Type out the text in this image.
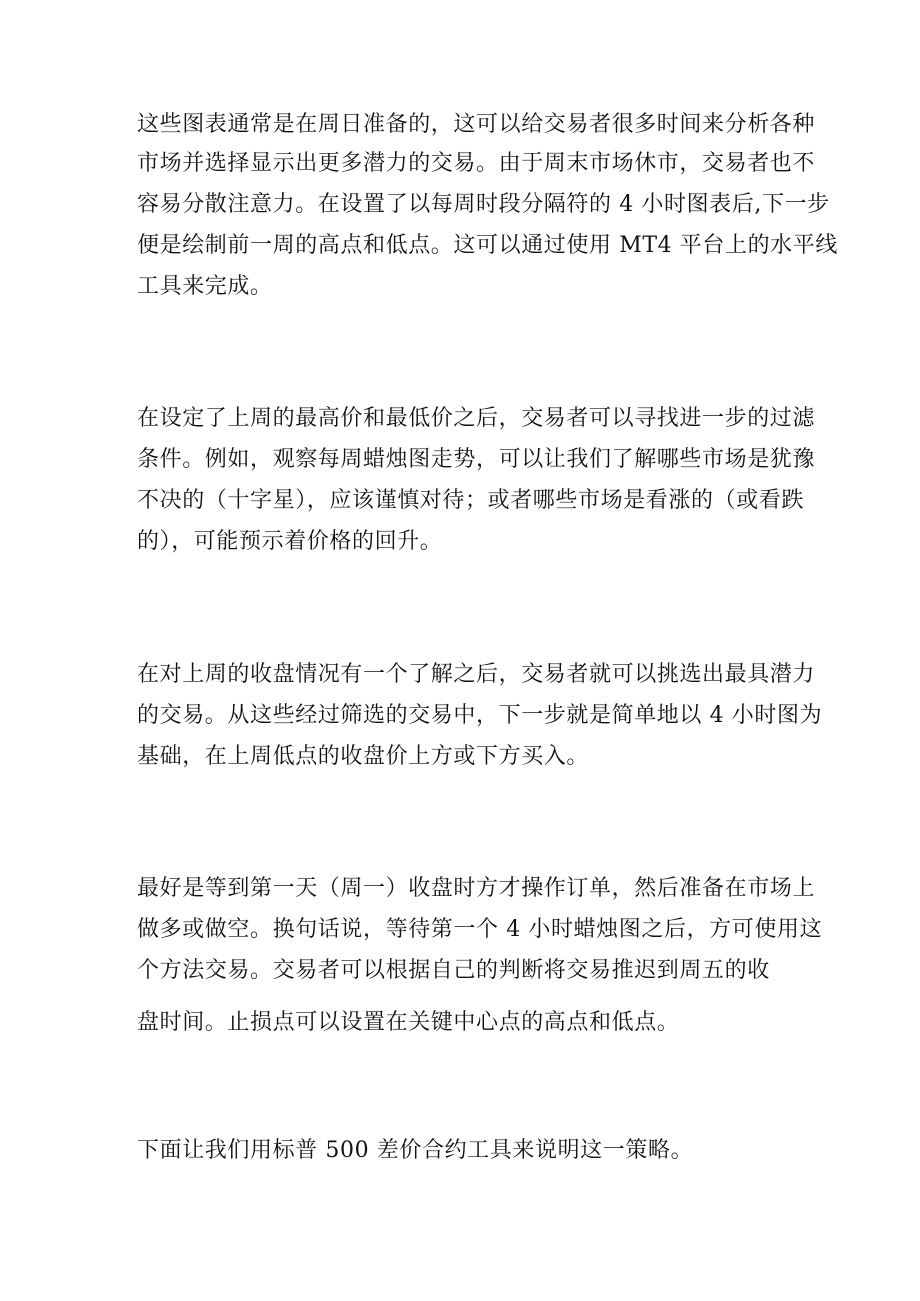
这些图表通常是在周日准备的，这可以给交易者很多时间来分析各种
市场并选择显示出更多潜力的交易。由于周末市场休市，交易者也不
容易分散注意力。在设置了以每周时段分隔符的 4 小时图表后,下一步
便是绘制前一周的高点和低点。这可以通过使用 MT4 平台上的水平线
工具来完成。
在设定了上周的最高价和最低价之后，交易者可以寻找进一步的过滤
条件。例如，观察每周蜡烛图走势，可以让我们了解哪些市场是犹豫
不决的（十字星），应该谨慎对待；或者哪些市场是看涨的（或看跌
的），可能预示着价格的回升。
在对上周的收盘情况有一个了解之后，交易者就可以挑选出最具潜力
的交易。从这些经过筛选的交易中，下一步就是简单地以 4 小时图为
基础，在上周低点的收盘价上方或下方买入。
最好是等到第一天（周一）收盘时方才操作订单，然后准备在市场上
做多或做空。换句话说，等待第一个 4 小时蜡烛图之后，方可使用这
个方法交易。交易者可以根据自己的判断将交易推迟到周五的收
盘时间。止损点可以设置在关键中心点的高点和低点。
下面让我们用标普 500 差价合约工具来说明这一策略。
